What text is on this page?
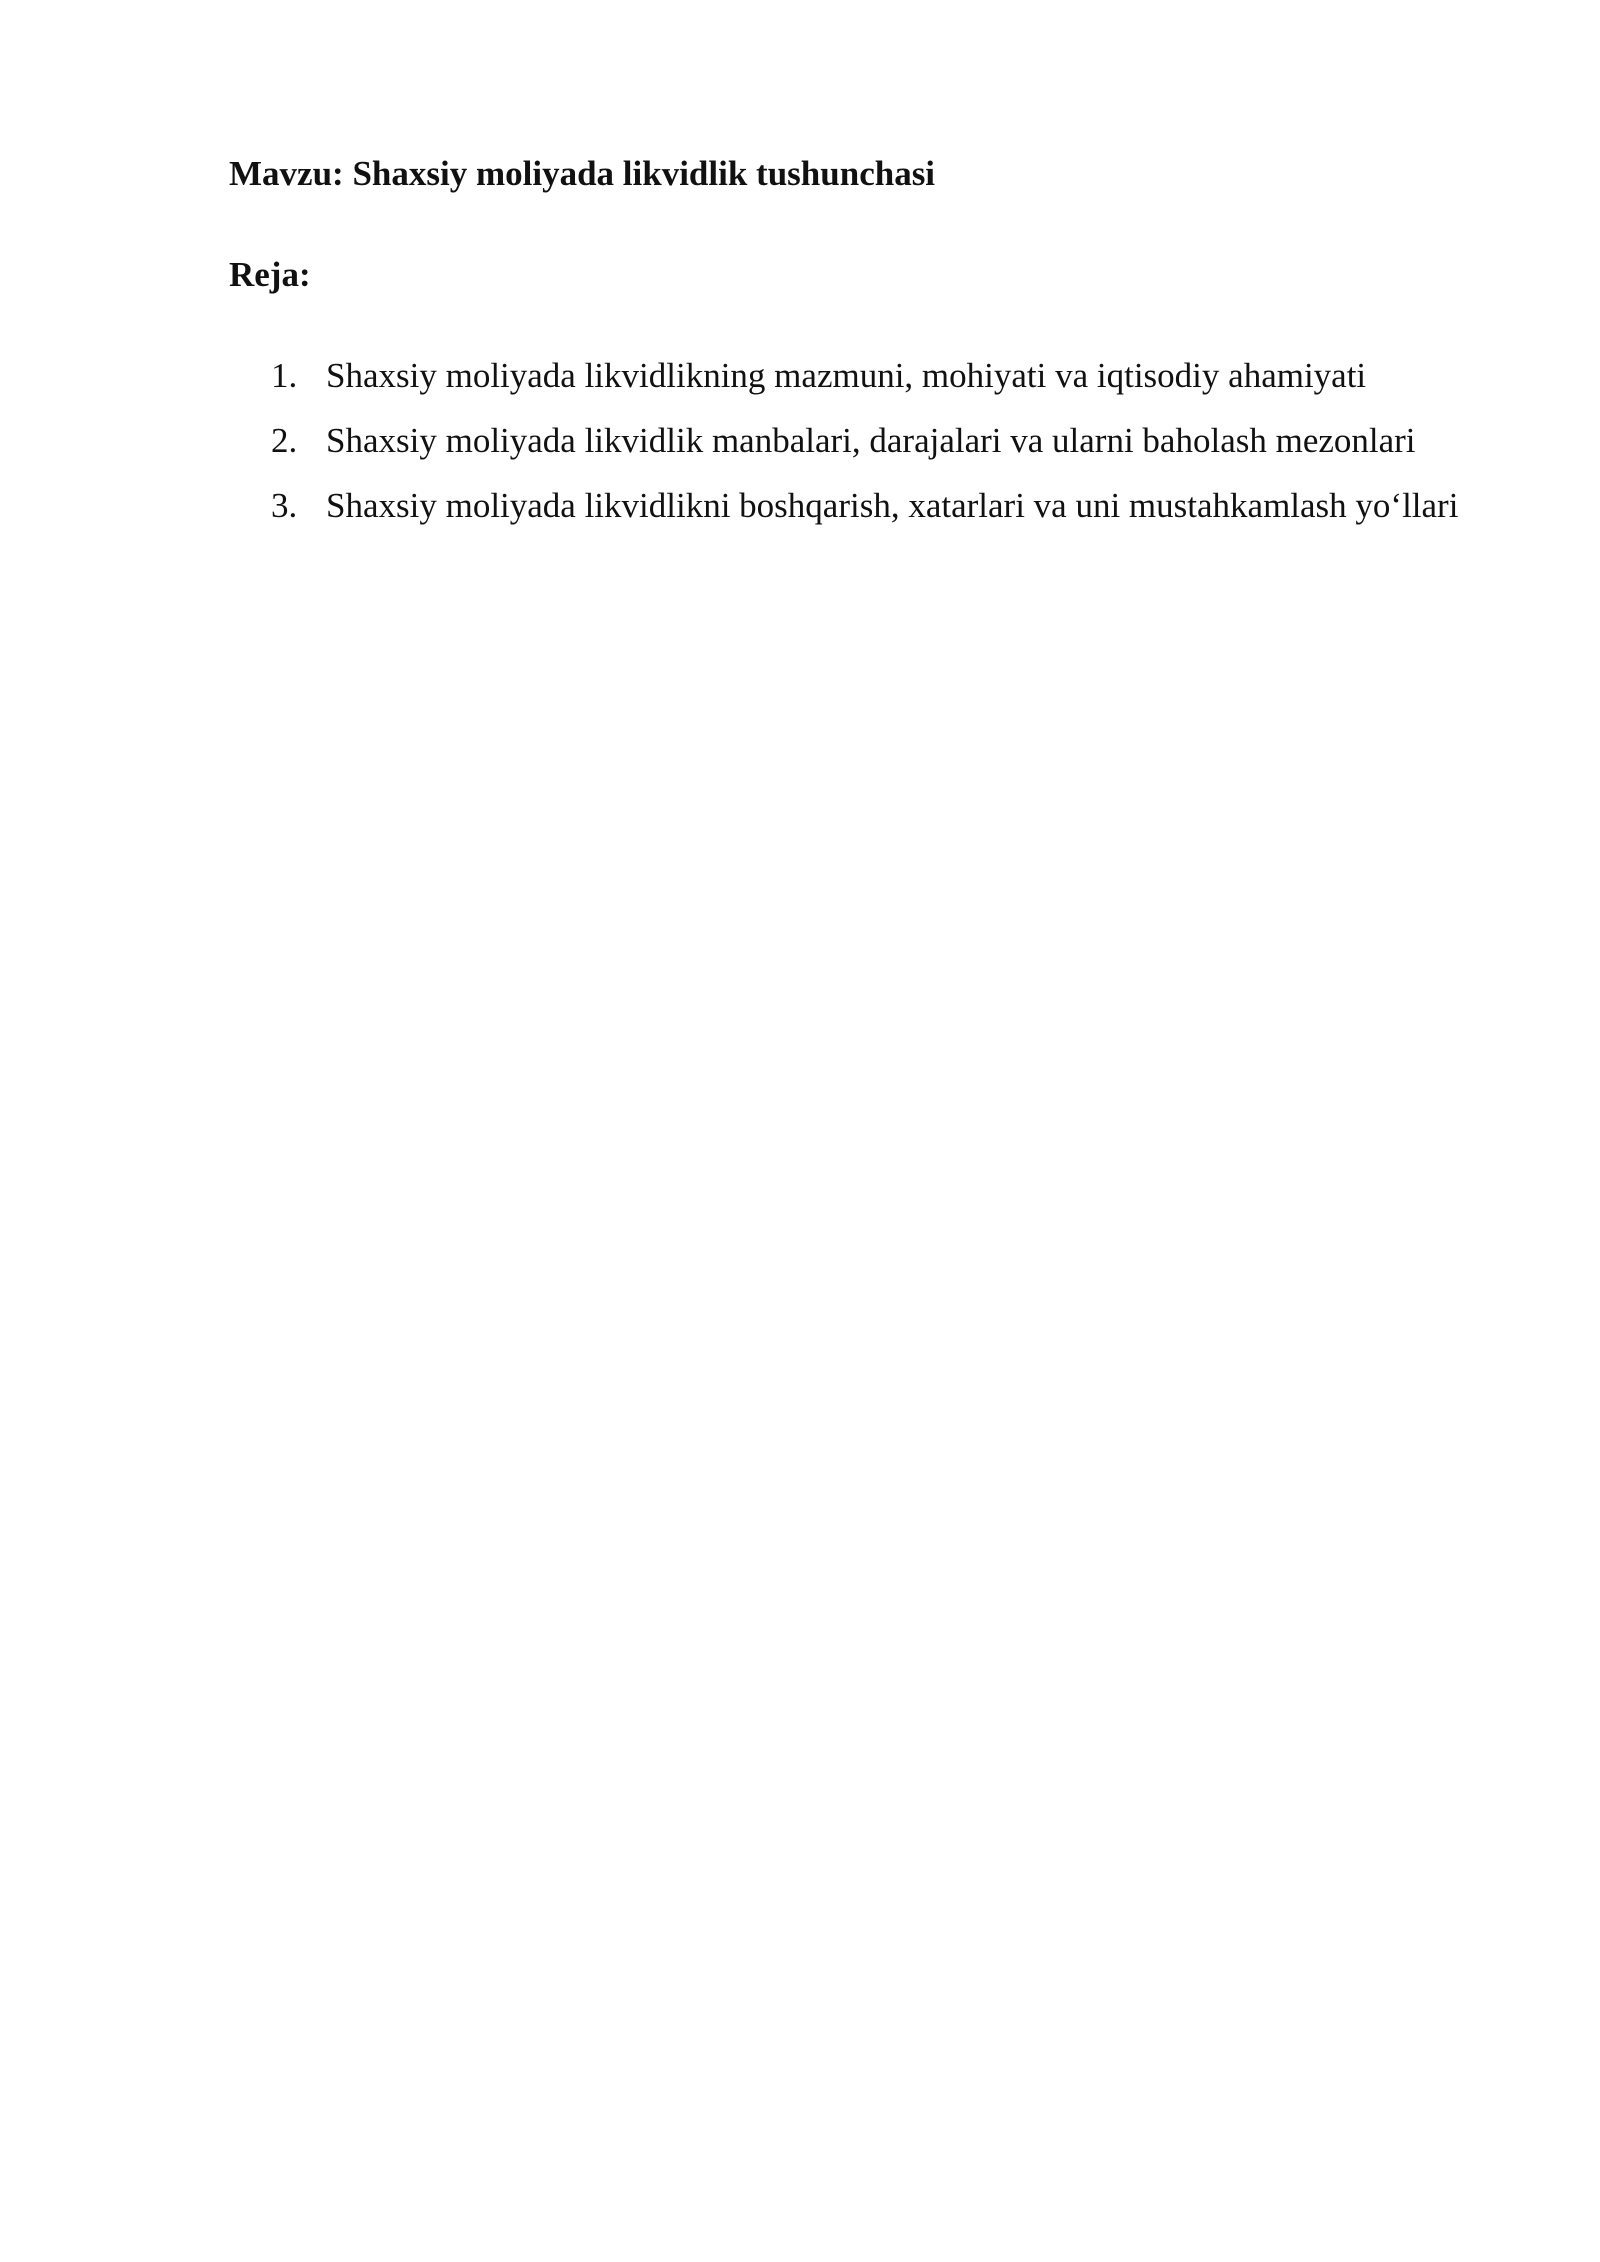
Mavzu: Shaxsiy moliyada likvidlik tushunchasi

Reja:

1. Shaxsiy moliyada likvidlikning mazmuni, mohiyati va iqtisodiy ahamiyati
2. Shaxsiy moliyada likvidlik manbalari, darajalari va ularni baholash mezonlari
3. Shaxsiy moliyada likvidlikni boshqarish, xatarlari va uni mustahkamlash yo‘llari
